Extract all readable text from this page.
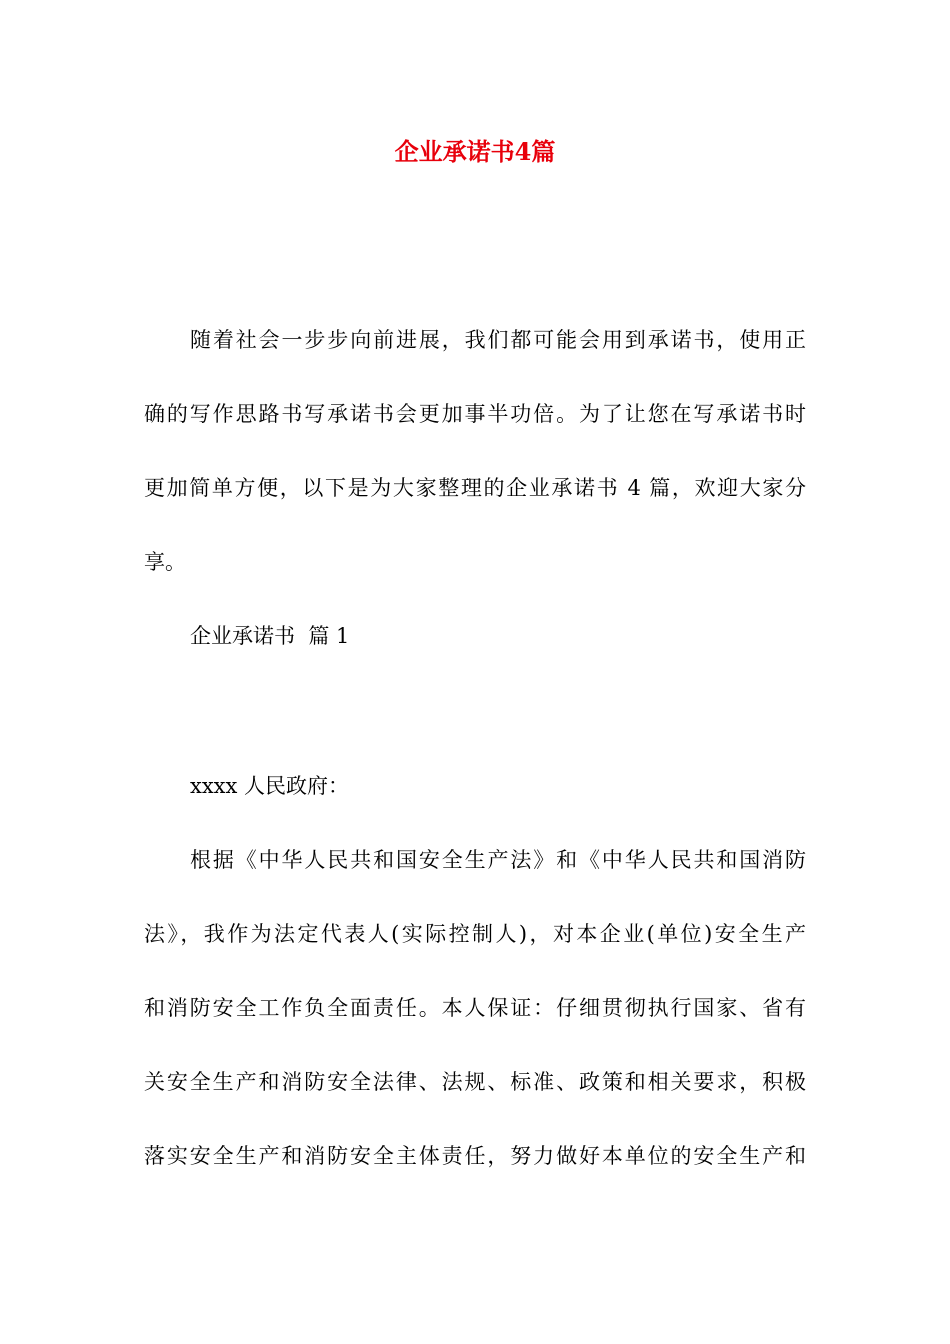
企业承诺书4篇

随着社会一步步向前进展，我们都可能会用到承诺书，使用正

确的写作思路书写承诺书会更加事半功倍。为了让您在写承诺书时

更加简单方便，以下是为大家整理的企业承诺书 4 篇，欢迎大家分

享。

企业承诺书  篇 1

xxxx 人民政府：

根据《中华人民共和国安全生产法》和《中华人民共和国消防

法》，我作为法定代表人(实际控制人)，对本企业(单位)安全生产

和消防安全工作负全面责任。本人保证：仔细贯彻执行国家、省有

关安全生产和消防安全法律、法规、标准、政策和相关要求，积极

落实安全生产和消防安全主体责任，努力做好本单位的安全生产和
